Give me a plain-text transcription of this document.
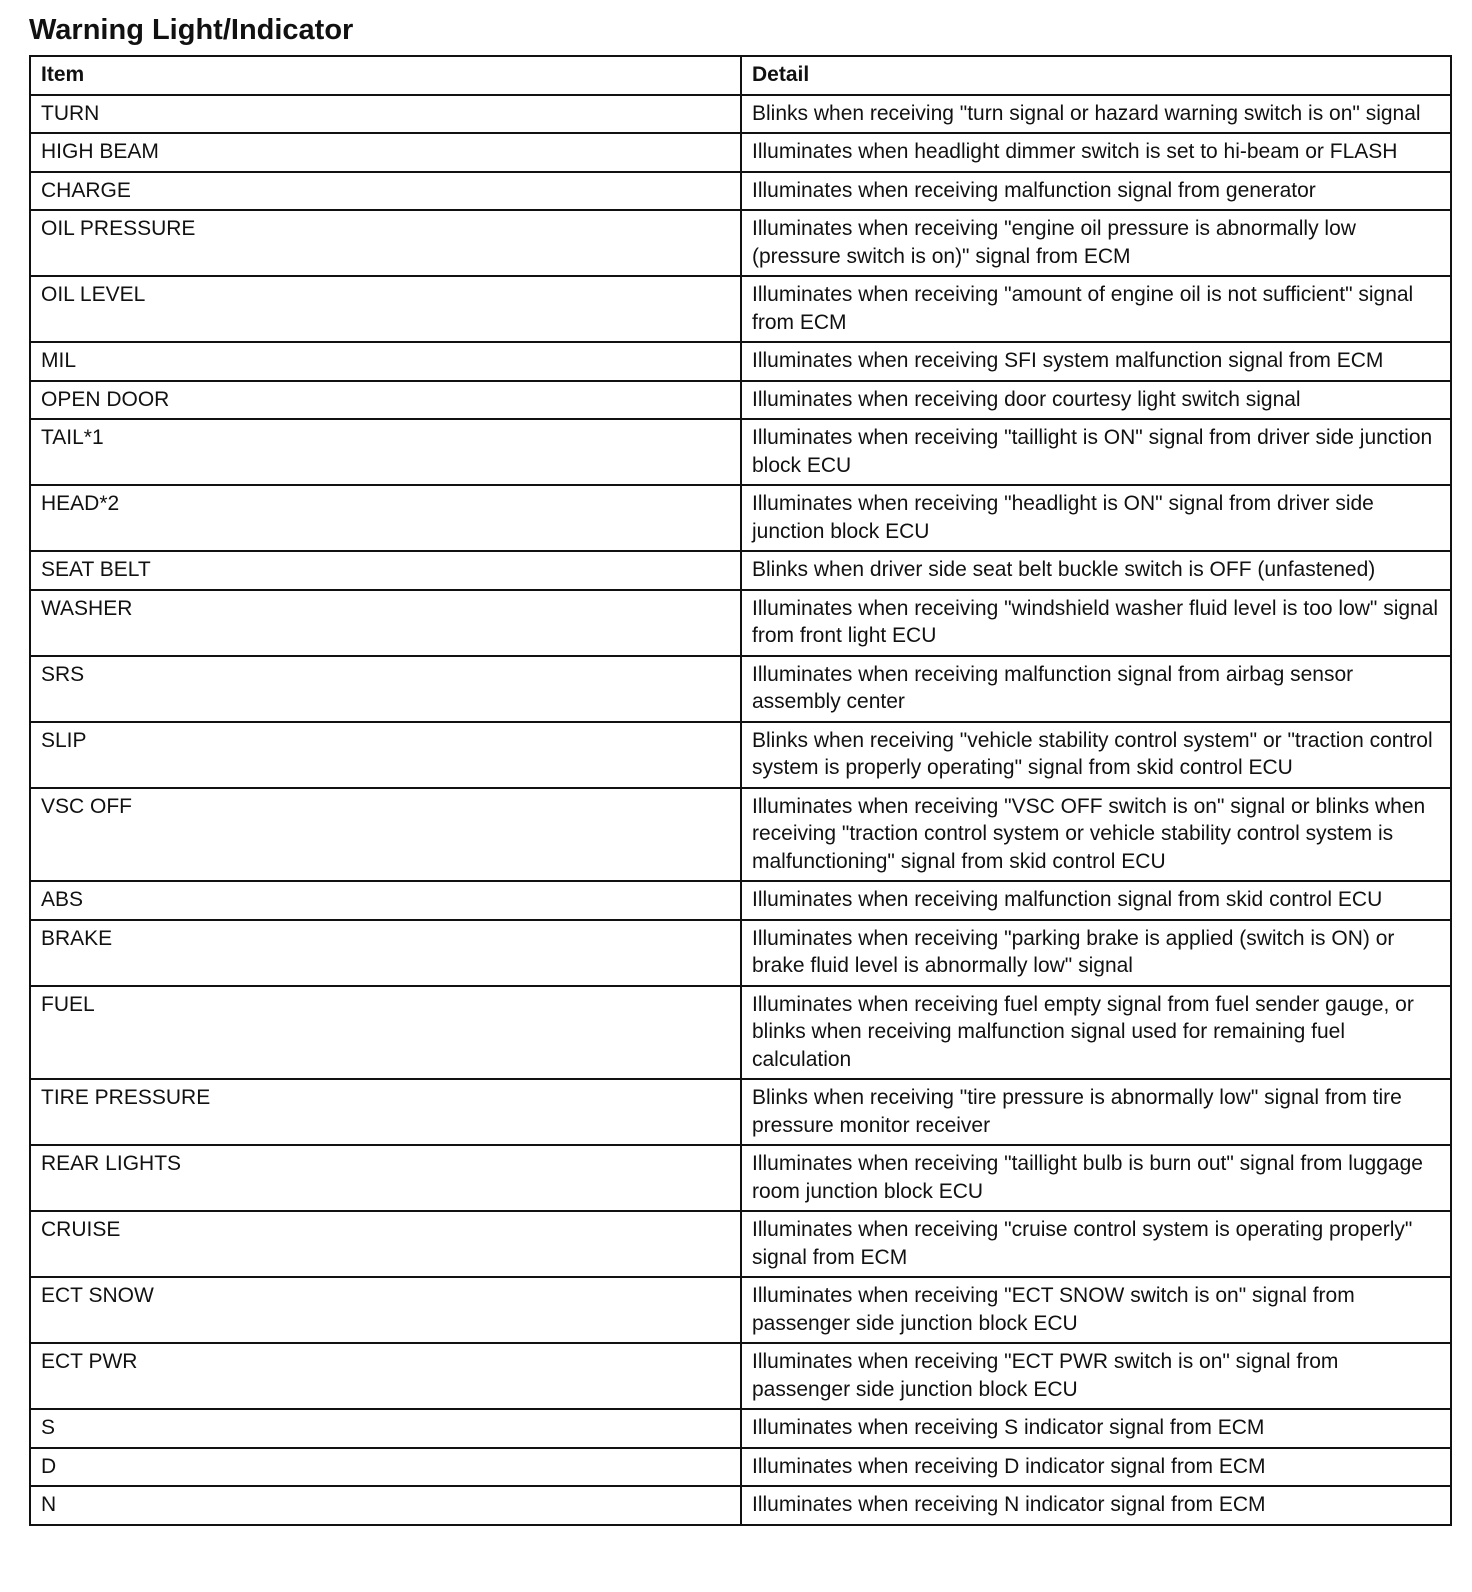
Warning Light/Indicator
Item	Detail
TURN	Blinks when receiving "turn signal or hazard warning switch is on" signal
HIGH BEAM	Illuminates when headlight dimmer switch is set to hi-beam or FLASH
CHARGE	Illuminates when receiving malfunction signal from generator
OIL PRESSURE	Illuminates when receiving "engine oil pressure is abnormally low (pressure switch is on)" signal from ECM
OIL LEVEL	Illuminates when receiving "amount of engine oil is not sufficient" signal from ECM
MIL	Illuminates when receiving SFI system malfunction signal from ECM
OPEN DOOR	Illuminates when receiving door courtesy light switch signal
TAIL*1	Illuminates when receiving "taillight is ON" signal from driver side junction block ECU
HEAD*2	Illuminates when receiving "headlight is ON" signal from driver side junction block ECU
SEAT BELT	Blinks when driver side seat belt buckle switch is OFF (unfastened)
WASHER	Illuminates when receiving "windshield washer fluid level is too low" signal from front light ECU
SRS	Illuminates when receiving malfunction signal from airbag sensor assembly center
SLIP	Blinks when receiving "vehicle stability control system" or "traction control system is properly operating" signal from skid control ECU
VSC OFF	Illuminates when receiving "VSC OFF switch is on" signal or blinks when receiving "traction control system or vehicle stability control system is malfunctioning" signal from skid control ECU
ABS	Illuminates when receiving malfunction signal from skid control ECU
BRAKE	Illuminates when receiving "parking brake is applied (switch is ON) or brake fluid level is abnormally low" signal
FUEL	Illuminates when receiving fuel empty signal from fuel sender gauge, or blinks when receiving malfunction signal used for remaining fuel calculation
TIRE PRESSURE	Blinks when receiving "tire pressure is abnormally low" signal from tire pressure monitor receiver
REAR LIGHTS	Illuminates when receiving "taillight bulb is burn out" signal from luggage room junction block ECU
CRUISE	Illuminates when receiving "cruise control system is operating properly" signal from ECM
ECT SNOW	Illuminates when receiving "ECT SNOW switch is on" signal from passenger side junction block ECU
ECT PWR	Illuminates when receiving "ECT PWR switch is on" signal from passenger side junction block ECU
S	Illuminates when receiving S indicator signal from ECM
D	Illuminates when receiving D indicator signal from ECM
N	Illuminates when receiving N indicator signal from ECM
